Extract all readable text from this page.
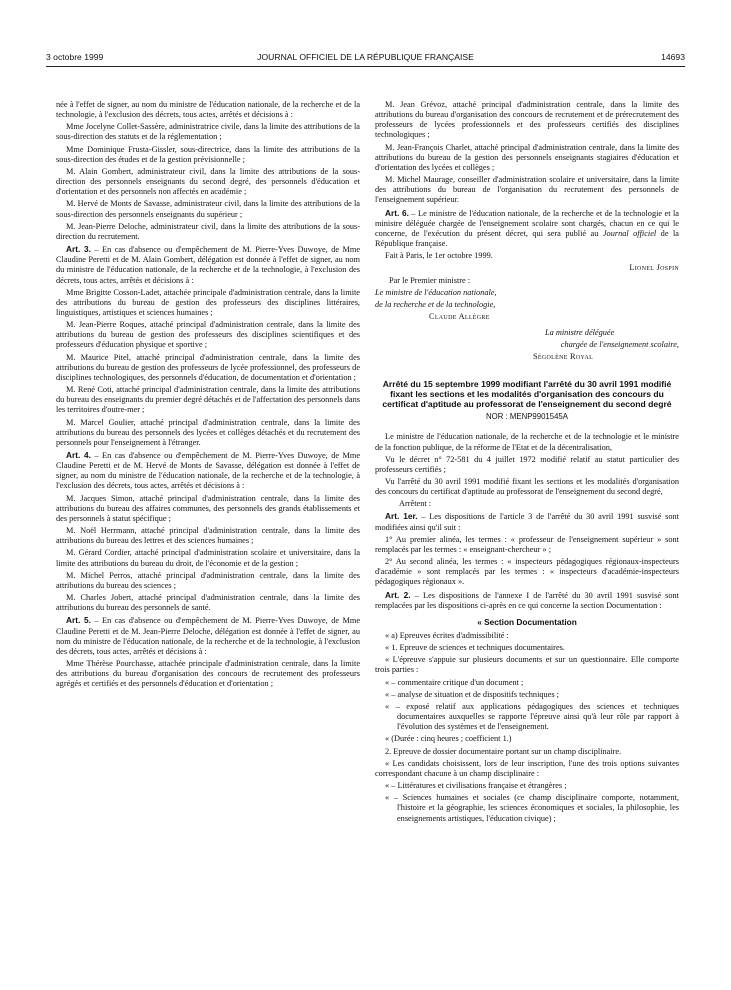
3 octobre 1999	JOURNAL OFFICIEL DE LA RÉPUBLIQUE FRANÇAISE	14693

née à l'effet de signer, au nom du ministre de l'éducation nationale, de la recherche et de la technologie, à l'exclusion des décrets, tous actes, arrêtés et décisions à :

Mme Jocelyne Collet-Sassère, administratrice civile, dans la limite des attributions de la sous-direction des statuts et de la réglementation ;

Mme Dominique Frusta-Gissler, sous-directrice, dans la limite des attributions de la sous-direction des études et de la gestion prévisionnelle ;

M. Alain Gombert, administrateur civil, dans la limite des attributions de la sous-direction des personnels enseignants du second degré, des personnels d'éducation et d'orientation et des personnels non affectés en académie ;

M. Hervé de Monts de Savasse, administrateur civil, dans la limite des attributions de la sous-direction des personnels enseignants du supérieur ;

M. Jean-Pierre Deloche, administrateur civil, dans la limite des attributions de la sous-direction du recrutement.

Art. 3. – En cas d'absence ou d'empêchement de M. Pierre-Yves Duwoye, de Mme Claudine Peretti et de M. Alain Gombert, délégation est donnée à l'effet de signer, au nom du ministre de l'éducation nationale, de la recherche et de la technologie, à l'exclusion des décrets, tous actes, arrêtés et décisions à :

Mme Brigitte Cosson-Ladet, attachée principale d'administration centrale, dans la limite des attributions du bureau de gestion des professeurs des disciplines littéraires, linguistiques, artistiques et sciences humaines ;

M. Jean-Pierre Roques, attaché principal d'administration centrale, dans la limite des attributions du bureau de gestion des professeurs des disciplines scientifiques et des professeurs d'éducation physique et sportive ;

M. Maurice Pitel, attaché principal d'administration centrale, dans la limite des attributions du bureau de gestion des professeurs de lycée professionnel, des professeurs de disciplines technologiques, des personnels d'éducation, de documentation et d'orientation ;

M. René Coti, attaché principal d'administration centrale, dans la limite des attributions du bureau des enseignants du premier degré détachés et de l'affectation des personnels dans les territoires d'outre-mer ;

M. Marcel Goulier, attaché principal d'administration centrale, dans la limite des attributions du bureau des personnels des lycées et collèges détachés et du recrutement des personnels pour l'enseignement à l'étranger.

Art. 4. – En cas d'absence ou d'empêchement de M. Pierre-Yves Duwoye, de Mme Claudine Peretti et de M. Hervé de Monts de Savasse, délégation est donnée à l'effet de signer, au nom du ministre de l'éducation nationale, de la recherche et de la technologie, à l'exclusion des décrets, tous actes, arrêtés et décisions à :

M. Jacques Simon, attaché principal d'administration centrale, dans la limite des attributions du bureau des affaires communes, des personnels des grands établissements et des personnels à statut spécifique ;

M. Noël Herrmann, attaché principal d'administration centrale, dans la limite des attributions du bureau des lettres et des sciences humaines ;

M. Gérard Cordier, attaché principal d'administration scolaire et universitaire, dans la limite des attributions du bureau du droit, de l'économie et de la gestion ;

M. Michel Perros, attaché principal d'administration centrale, dans la limite des attributions du bureau des sciences ;

M. Charles Jobert, attaché principal d'administration centrale, dans la limite des attributions du bureau des personnels de santé.

Art. 5. – En cas d'absence ou d'empêchement de M. Pierre-Yves Duwoye, de Mme Claudine Peretti et de M. Jean-Pierre Deloche, délégation est donnée à l'effet de signer, au nom du ministre de l'éducation nationale, de la recherche et de la technologie, à l'exclusion des décrets, tous actes, arrêtés et décisions à :

Mme Thérèse Pourchasse, attachée principale d'administration centrale, dans la limite des attributions du bureau d'organisation des concours de recrutement des professeurs agrégés et certifiés et des personnels d'éducation et d'orientation ;

M. Jean Grévoz, attaché principal d'administration centrale, dans la limite des attributions du bureau d'organisation des concours de recrutement et de prérecrutement des professeurs de lycées professionnels et des professeurs certifiés des disciplines technologiques ;

M. Jean-François Charlet, attaché principal d'administration centrale, dans la limite des attributions du bureau de la gestion des personnels enseignants stagiaires d'éducation et d'orientation des lycées et collèges ;

M. Michel Maurage, conseiller d'administration scolaire et universitaire, dans la limite des attributions du bureau de l'organisation du recrutement des personnels de l'enseignement supérieur.

Art. 6. – Le ministre de l'éducation nationale, de la recherche et de la technologie et la ministre déléguée chargée de l'enseignement scolaire sont chargés, chacun en ce qui le concerne, de l'exécution du présent décret, qui sera publié au Journal officiel de la République française.

Fait à Paris, le 1er octobre 1999.

Lionel Jospin

Par le Premier ministre :

Le ministre de l'éducation nationale,

de la recherche et de la technologie,

Claude Allègre

La ministre déléguée

chargée de l'enseignement scolaire,

Ségolène Royal

Arrêté du 15 septembre 1999 modifiant l'arrêté du 30 avril 1991 modifié fixant les sections et les modalités d'organisation des concours du certificat d'aptitude au professorat de l'enseignement du second degré
NOR : MENP9901545A

Le ministre de l'éducation nationale, de la recherche et de la technologie et le ministre de la fonction publique, de la réforme de l'Etat et de la décentralisation,

Vu le décret n° 72-581 du 4 juillet 1972 modifié relatif au statut particulier des professeurs certifiés ;

Vu l'arrêté du 30 avril 1991 modifié fixant les sections et les modalités d'organisation des concours du certificat d'aptitude au professorat de l'enseignement du second degré,

Arrêtent :

Art. 1er. – Les dispositions de l'article 3 de l'arrêté du 30 avril 1991 susvisé sont modifiées ainsi qu'il suit :

1° Au premier alinéa, les termes : « professeur de l'enseignement supérieur » sont remplacés par les termes : « enseignant-chercheur » ;

2° Au second alinéa, les termes : « inspecteurs pédagogiques régionaux-inspecteurs d'académie » sont remplacés par les termes : « inspecteurs d'académie-inspecteurs pédagogiques régionaux ».

Art. 2. – Les dispositions de l'annexe I de l'arrêté du 30 avril 1991 susvisé sont remplacées par les dispositions ci-après en ce qui concerne la section Documentation :

« Section Documentation

« a) Epreuves écrites d'admissibilité :

« 1. Epreuve de sciences et techniques documentaires.

« L'épreuve s'appuie sur plusieurs documents et sur un questionnaire. Elle comporte trois parties :

« – commentaire critique d'un document ;

« – analyse de situation et de dispositifs techniques ;

« – exposé relatif aux applications pédagogiques des sciences et techniques documentaires auxquelles se rapporte l'épreuve ainsi qu'à leur rôle par rapport à l'évolution des systèmes et de l'enseignement.

« (Durée : cinq heures ; coefficient 1.)

2. Epreuve de dossier documentaire portant sur un champ disciplinaire.

« Les candidats choisissent, lors de leur inscription, l'une des trois options suivantes correspondant chacune à un champ disciplinaire :

« – Littératures et civilisations française et étrangères ;

« – Sciences humaines et sociales (ce champ disciplinaire comporte, notamment, l'histoire et la géographie, les sciences économiques et sociales, la philosophie, les enseignements artistiques, l'éducation civique) ;
